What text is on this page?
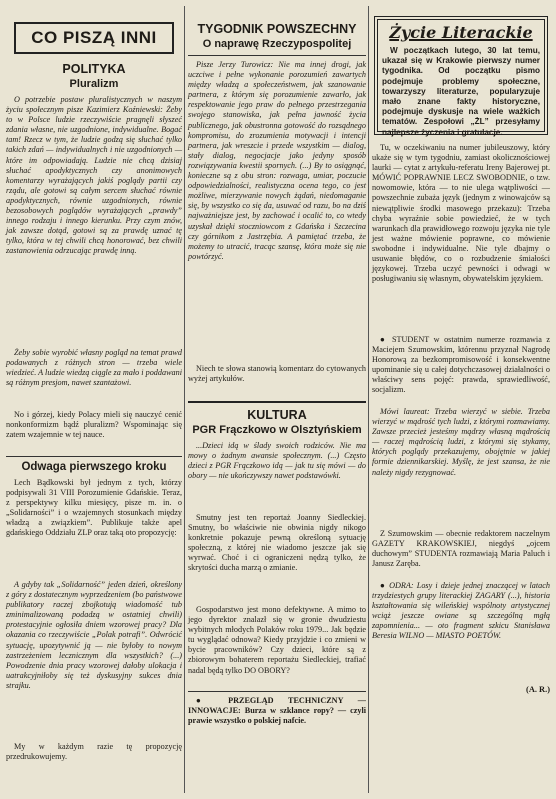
CO PISZĄ INNI
POLITYKA
Pluralizm

O potrzebie postaw pluralistycznych w naszym życiu społecznym pisze Kazimierz Koźniewski: Żeby to w Polsce ludzie rzeczywiście pragnęli słyszeć zdania własne, nie uzgodnione, indywidualne. Bogać tam! Rzecz w tym, że ludzie godzą się słuchać tylko takich zdań — indywidualnych i nie uzgodnionych — które im odpowiadają. Ludzie nie chcą dzisiaj słuchać apodyktycznych czy anonimowych komentarzy wyrażających jakiś poglądy partii czy rządu, ale gotowi są całym sercem słuchać równie apodyktycznych, równie uzgodnionych, równie bezosobowych poglądów wyrażających „prawdy” innego rodzaju i innego kierunku. Przy czym znów, jak zawsze dotąd, gotowi są za prawdę uznać tę tylko, która w tej chwili chcą honorować, bez chwili zastanowienia odrzucając prawdę inną.

Żeby sobie wyrobić własny pogląd na temat prawd podawanych z różnych stron — trzeba wiele wiedzieć. A ludzie wiedzą ciągle za mało i poddawani są różnym presjom, nawet szantażowi.

No i górzej, kiedy Polacy mieli się nauczyć cenić nonkonformizm bądź pluralizm? Wspominając się zatem wzajemnie w tej nauce.

Odwaga pierwszego kroku

Lech Bądkowski był jednym z tych, którzy podpisywali 31 VIII Porozumienie Gdańskie. Teraz, z perspektywy kilku miesięcy, pisze m. in. o „Solidarności” i o wzajemnych stosunkach między władzą a związkiem”. Publikuje także apel gdańskiego Oddziału ZLP oraz taką oto propozycję:

A gdyby tak „Solidarność” jeden dzień, określony z góry z dostatecznym wyprzedzeniem (bo państwowe publikatory raczej zbojkotują wiadomość tub zminimalizowaną podadzą w ostatniej chwili) protestacyjnie ogłosiła dniem wzorowej pracy? Dla okazania co rzeczywiście „Polak potrafi”. Odwrócić sytuację, upozytywnić ją — nie byłoby to nowym zastrzeżeniem lecznicznym dla wszystkich? (...) Powodzenie dnia pracy wzorowej dałoby ulokacja i uatrakcyjniłoby się też dyskusyjny sukces dnia strajku.

My w każdym razie tę propozycję przedrukowujemy.

TYGODNIK POWSZECHNY
O naprawę Rzeczypospolitej

Pisze Jerzy Turowicz: Nie ma innej drogi, jak uczciwe i pełne wykonanie porozumień zawartych między władzą a społeczeństwem, jak szanowanie partnera, z którym się porozumienie zawarło, jak respektowanie jego praw do pełnego przestrzegania swojego stanowiska, jak pełna jawność życia publicznego, jak obustronna gotowość do rozsądnego kompromisu, do zrozumienia motywacji i intencji partnera, jak wreszcie i przede wszystkim — dialog, stały dialog, negocjacje jako jedyny sposób rozwiązywania kwestii spornych. (...) By to osiągnąć, konieczne są z obu stron: rozwaga, umiar, poczucie odpowiedzialności, realistyczna ocena tego, co jest możliwe, mierzywanie nowych żądań, niedomaganie się, by wszystko co się da, usuwać od razu, bo na dziś najważniejsze jest, by zachować i ocalić to, co wtedy uzyskał dzięki stoczniowcom z Gdańska i Szczecina czy górnikom z Jastrzębia. A pamiętać trzeba, że możemy to utracić, tracąc szansę, która może się nie powtórzyć.

Niech te słowa stanowią komentarz do cytowanych wyżej artykułów.

KULTURA
PGR Frączkowo w Olsztyńskiem

...Dzieci idą w ślady swoich rodziców. Nie ma mowy o żadnym awansie społecznym. (...) Często dzieci z PGR Frączkowo idą — jak tu się mówi — do obory — nie ukończywszy nawet podstawówki.

Smutny jest ten reportaż Joanny Siedleckiej. Smutny, bo właściwie nie obwinia nigdy nikogo konkretnie pokazuje pewną określoną sytuację społeczną, z której nie wiadomo jeszcze jak się wyrwać. Choć i ci ograniczeni nędzą tylko, że skrytości ducha marzą o zmianie.

Gospodarstwo jest mono defektywne. A mimo to jego dyrektor znalazł się w gronie dwudziestu wybitnych młodych Polaków roku 1979... Jak będzie tu wyglądać odnowa? Kiedy przyjdzie i co zmieni w bycie pracowników? Czy dzieci, które są z zbiorowym bohaterem reportażu Siedleckiej, trafiać nadal będą tylko DO OBORY?

● PRZEGLĄD TECHNICZNY — INNOWACJE: Burza w szklance ropy? — czyli prawie wszystko o polskiej nafcie.

Życie Literackie

W początkach lutego, 30 lat temu, ukazał się w Krakowie pierwszy numer tygodnika. Od początku pismo podejmuje problemy społeczne, towarzyszy literaturze, popularyzuje mało znane fakty historyczne, podejmuje dyskusje na wiele ważkich tematów. Zespołowi „ŻL” przesyłamy najlepsze życzenia i gratulacje.

Tu, w oczekiwaniu na numer jubileuszowy, który ukaże się w tym tygodniu, zamiast okolicznościowej laurki — cytat z artykułu-referatu Ireny Bajerowej pt. MÓWIĆ POPRAWNIE LECZ SWOBODNIE, o tzw. nowomowie, która — to nie ulega wątpliwości — powszechnie zubaża język (jednym z winowajców są niewątpliwie środki masowego przekazu): Trzeba chyba wyraźnie sobie powiedzieć, że w tych warunkach dla prawidłowego rozwoju języka nie tyle jest ważne mówienie poprawne, co mówienie swobodne i indywidualne. Nie tyle dbajmy o usuwanie błędów, co o rozbudzenie śmiałości językowej. Trzeba uczyć pewności i odwagi w posługiwaniu się własnym, obywatelskim językiem.

● STUDENT w ostatnim numerze rozmawia z Maciejem Szumowskim, którennu przyznał Nagrodę Honorową za bezkompromisowość i konsekwentne upominanie się u całej dotychczasowej działalności o właściwy sens pojęć: prawda, sprawiedliwość, socjalizm.

Mówi laureat: Trzeba wierzyć w siebie. Trzeba wierzyć w mądrość tych ludzi, z którymi rozmawiamy. Zawsze przecież jesteśmy mądrzy własną mądrością — raczej mądrością ludzi, z którymi się stykamy, których poglądy przekazujemy, obojętnie w jakiej formie dziennikarskiej. Myślę, że jest szansa, że nie należy nigdy rezygnować.

Z Szumowskim — obecnie redaktorem naczelnym GAZETY KRAKOWSKIEJ, niegdyś „ojcem duchowym” STUDENTA rozmawiają Maria Paluch i Janusz Zaręba.

● ODRA: Losy i dzieje jednej znaczącej w latach trzydziestych grupy literackiej ZAGARY (...), historia kształtowania się wileńskiej wspólnoty artystycznej wciąż jeszcze owiane są szczególną mgłą zapomnienia... — oto fragment szkicu Stanisława Beresia WILNO — MIASTO POETÓW.

(A. R.)
